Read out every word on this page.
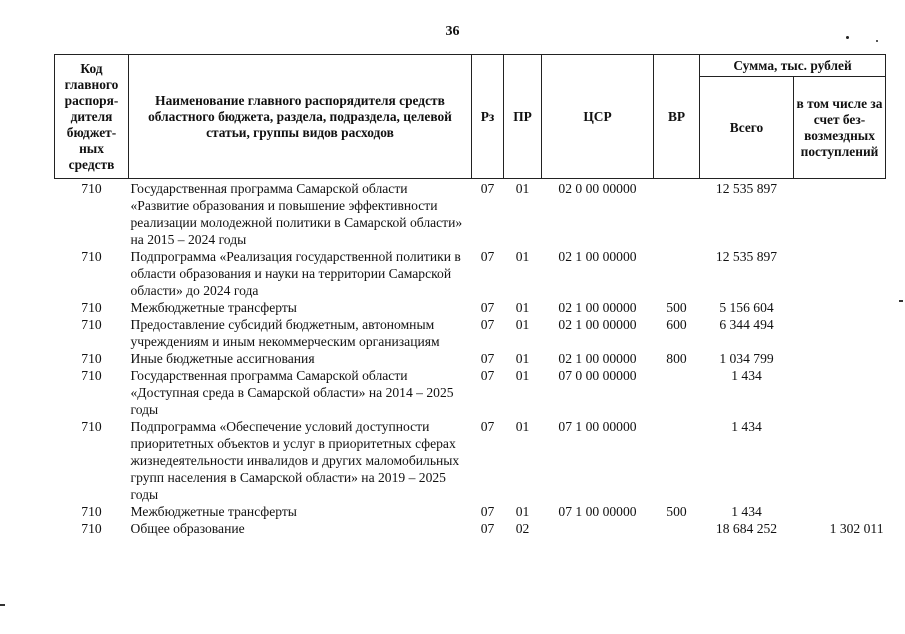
36
Код главного распорядителя бюджетных средств	Наименование главного распорядителя средств областного бюджета, раздела, подраздела, целевой статьи, группы видов расходов	Рз	ПР	ЦСР	ВР	Сумма, тыс. рублей	
						Всего	в том числе за счет безвозмездных поступлений
710	Государственная программа Самарской области «Развитие образования и повышение эффективности реализации молодежной политики в Самарской области» на 2015 – 2024 годы	07	01	02 0 00 00000		12 535 897	
710	Подпрограмма «Реализация государственной политики в области образования и науки на территории Самарской области» до 2024 года	07	01	02 1 00 00000		12 535 897	
710	Межбюджетные трансферты	07	01	02 1 00 00000	500	5 156 604	
710	Предоставление субсидий бюджетным, автономным учреждениям и иным некоммерческим организациям	07	01	02 1 00 00000	600	6 344 494	
710	Иные бюджетные ассигнования	07	01	02 1 00 00000	800	1 034 799	
710	Государственная программа Самарской области «Доступная среда в Самарской области» на 2014 – 2025 годы	07	01	07 0 00 00000		1 434	
710	Подпрограмма «Обеспечение условий доступности приоритетных объектов и услуг в приоритетных сферах жизнедеятельности инвалидов и других маломобильных групп населения в Самарской области» на 2019 – 2025 годы	07	01	07 1 00 00000		1 434	
710	Межбюджетные трансферты	07	01	07 1 00 00000	500	1 434	
710	Общее образование	07	02			18 684 252	1 302 011
